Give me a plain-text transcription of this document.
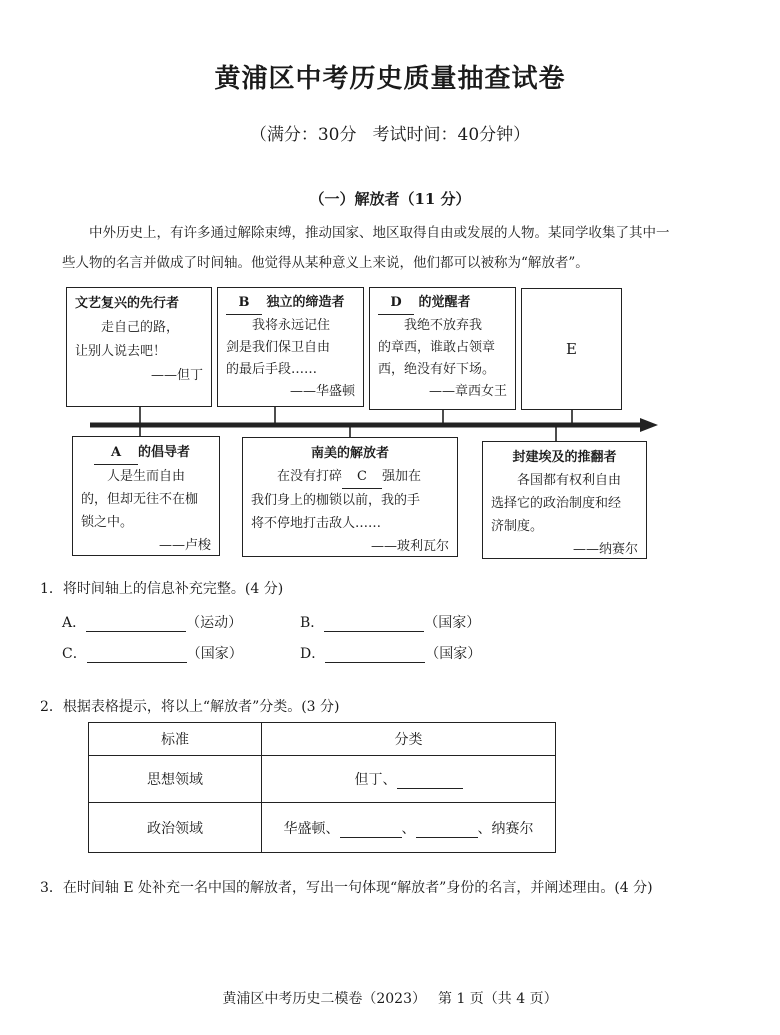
黄浦区中考历史质量抽查试卷
（满分：30分 考试时间：40分钟）
（一）解放者（11 分）

中外历史上，有许多通过解除束缚，推动国家、地区取得自由或发展的人物。某同学收集了其中一

些人物的名言并做成了时间轴。他觉得从某种意义上来说，他们都可以被称为“解放者”。

文艺复兴的先行者
走自己的路，
让别人说去吧！
——但丁
B 独立的缔造者
我将永远记住
剑是我们保卫自由
的最后手段……
——华盛顿
D 的觉醒者
我绝不放弃我
的章西，谁敢占领章
西，绝没有好下场。
——章西女王
E
A 的倡导者
人是生而自由
的，但却无往不在枷
锁之中。
——卢梭
南美的解放者
在没有打碎 C 强加在
我们身上的枷锁以前，我的手
将不停地打击敌人……
——玻利瓦尔
封建埃及的推翻者
各国都有权利自由
选择它的政治制度和经
济制度。
——纳赛尔
1．将时间轴上的信息补充完整。(4 分)
A．	（运动）	B．	（国家）
C．	（国家）	D．	（国家）
2．根据表格提示，将以上“解放者”分类。(3 分)
标准	分类
思想领域	但丁、
政治领域	华盛顿、 、 、纳赛尔
3．在时间轴 E 处补充一名中国的解放者，写出一句体现“解放者”身份的名言，并阐述理由。(4 分)
黄浦区中考历史二模卷（2023） 第 1 页（共 4 页）
